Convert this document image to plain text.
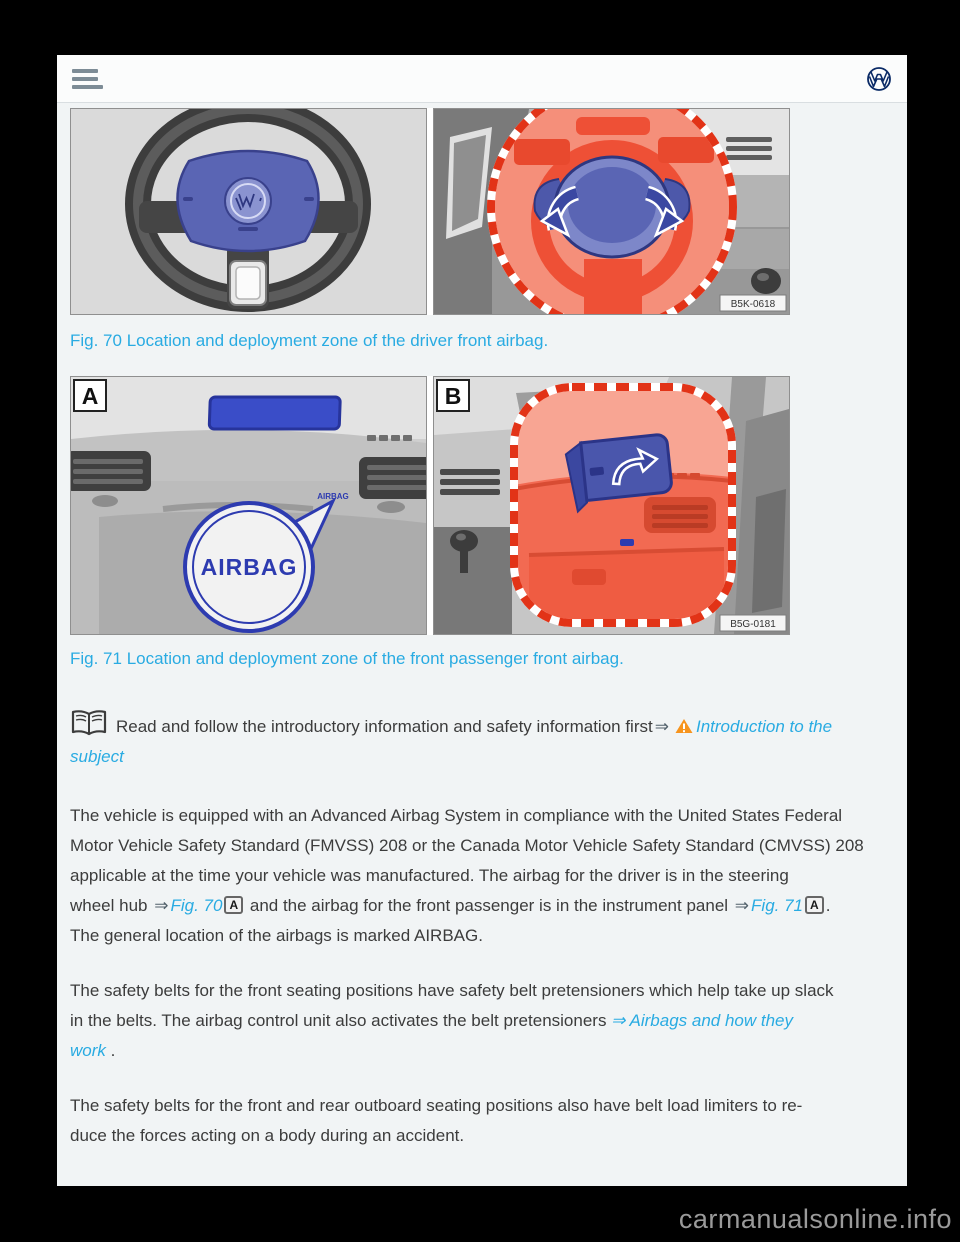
B5K-0618
Fig. 70 Location and deployment zone of the driver front airbag.
AIRBAG
AIRBAG
A	B
B5G-0181
Fig. 71 Location and deployment zone of the front passenger front airbag.

Read and follow the introductory information and safety information first ⇒ Introduction to the
subject

The vehicle is equipped with an Advanced Airbag System in compliance with the United States Federal
Motor Vehicle Safety Standard (FMVSS) 208 or the Canada Motor Vehicle Safety Standard (CMVSS) 208
applicable at the time your vehicle was manufactured. The airbag for the driver is in the steering
wheel hub ⇒ Fig. 70 A and the airbag for the front passenger is in the instrument panel ⇒ Fig. 71 A .
The general location of the airbags is marked AIRBAG.

The safety belts for the front seating positions have safety belt pretensioners which help take up slack
in the belts. The airbag control unit also activates the belt pretensioners ⇒ Airbags and how they
work .

The safety belts for the front and rear outboard seating positions also have belt load limiters to re-
duce the forces acting on a body during an accident.

carmanualsonline.info
